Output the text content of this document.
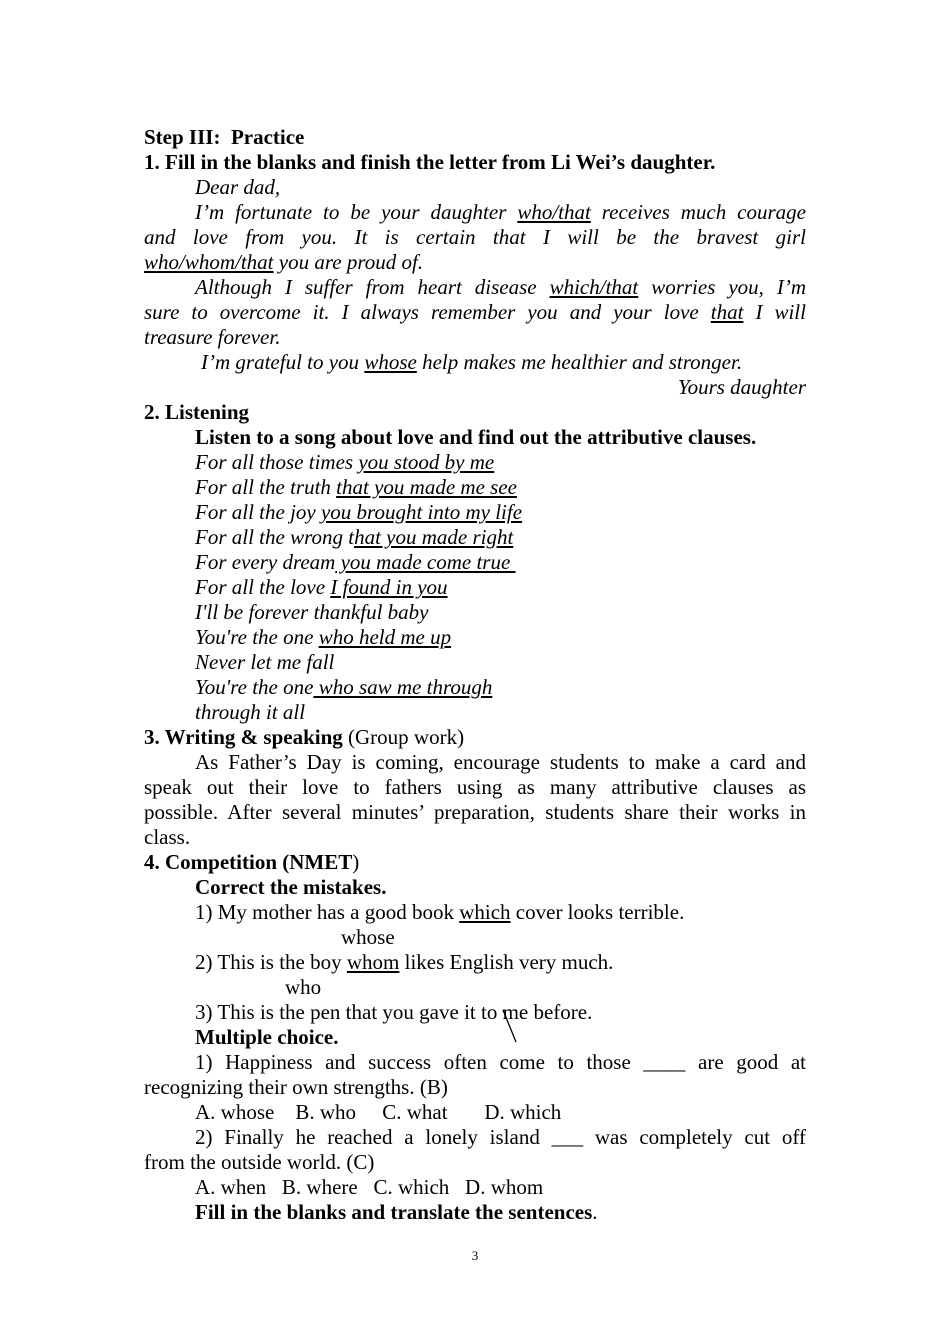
Step III: Practice
1. Fill in the blanks and finish the letter from Li Wei’s daughter.
Dear dad,
I’m fortunate to be your daughter who/that receives much courage
and love from you. It is certain that I will be the bravest girl
who/whom/that you are proud of.
Although I suffer from heart disease which/that worries you, I’m
sure to overcome it. I always remember you and your love that I will
treasure forever.
I’m grateful to you whose help makes me healthier and stronger.
Yours daughter
2. Listening
Listen to a song about love and find out the attributive clauses.
For all those times you stood by me
For all the truth that you made me see
For all the joy you brought into my life
For all the wrong that you made right
For every dream you made come true
For all the love I found in you
I'll be forever thankful baby
You're the one who held me up
Never let me fall
You're the one who saw me through
through it all
3. Writing & speaking (Group work)
As Father’s Day is coming, encourage students to make a card and
speak out their love to fathers using as many attributive clauses as
possible. After several minutes’ preparation, students share their works in
class.
4. Competition (NMET)
Correct the mistakes.
1) My mother has a good book which cover looks terrible.
whose
2) This is the boy whom likes English very much.
who
3) This is the pen that you gave it to me before.
Multiple choice.
1) Happiness and success often come to those ____ are good at
recognizing their own strengths. (B)
A. whose    B. who     C. what       D. which
2) Finally he reached a lonely island ___ was completely cut off
from the outside world. (C)
A. when   B. where   C. which   D. whom
Fill in the blanks and translate the sentences.
3
